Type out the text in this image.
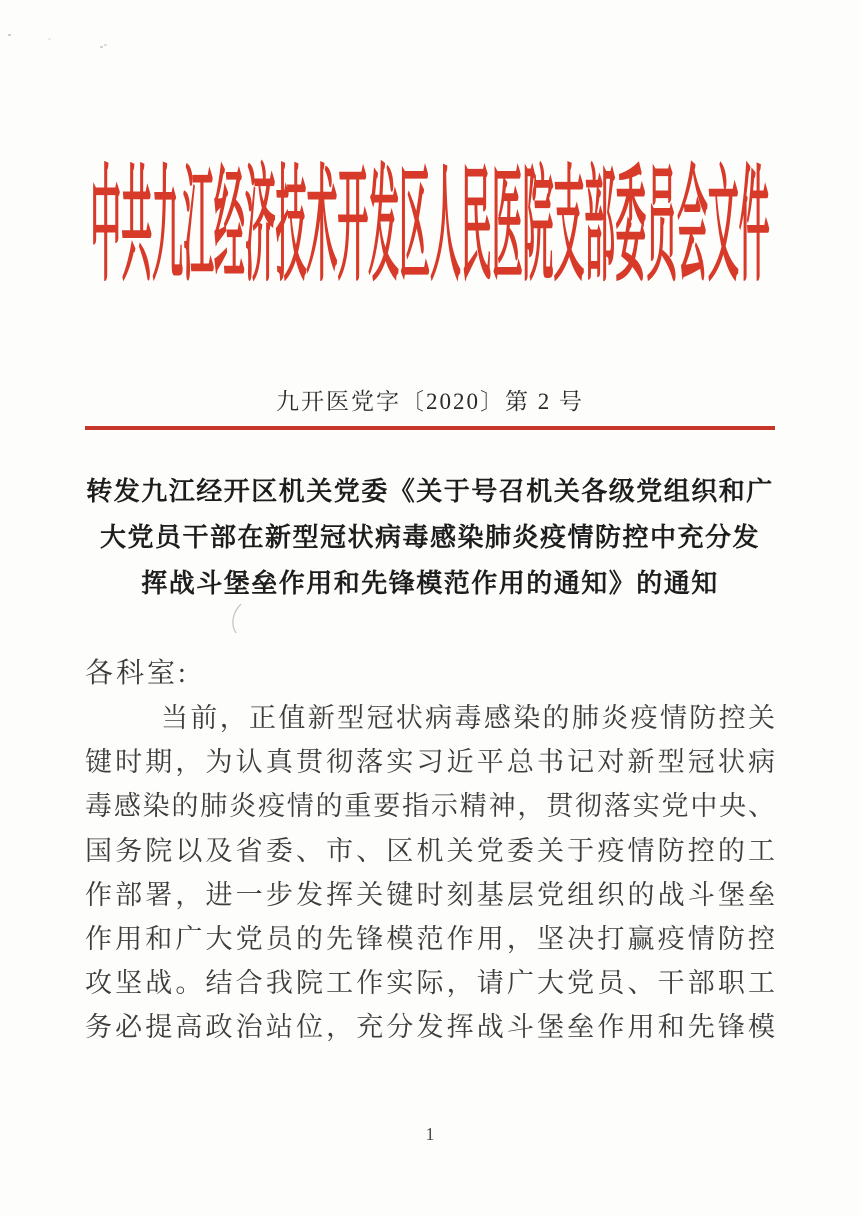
中共九江经济技术开发区人民医院支部委员会文件
九开医党字〔2020〕第 2 号
转发九江经开区机关党委《关于号召机关各级党组织和广
大党员干部在新型冠状病毒感染肺炎疫情防控中充分发
挥战斗堡垒作用和先锋模范作用的通知》的通知
各科室:
当前，正值新型冠状病毒感染的肺炎疫情防控关
键时期，为认真贯彻落实习近平总书记对新型冠状病
毒感染的肺炎疫情的重要指示精神，贯彻落实党中央、
国务院以及省委、市、区机关党委关于疫情防控的工
作部署，进一步发挥关键时刻基层党组织的战斗堡垒
作用和广大党员的先锋模范作用，坚决打赢疫情防控
攻坚战。结合我院工作实际，请广大党员、干部职工
务必提高政治站位，充分发挥战斗堡垒作用和先锋模
1
